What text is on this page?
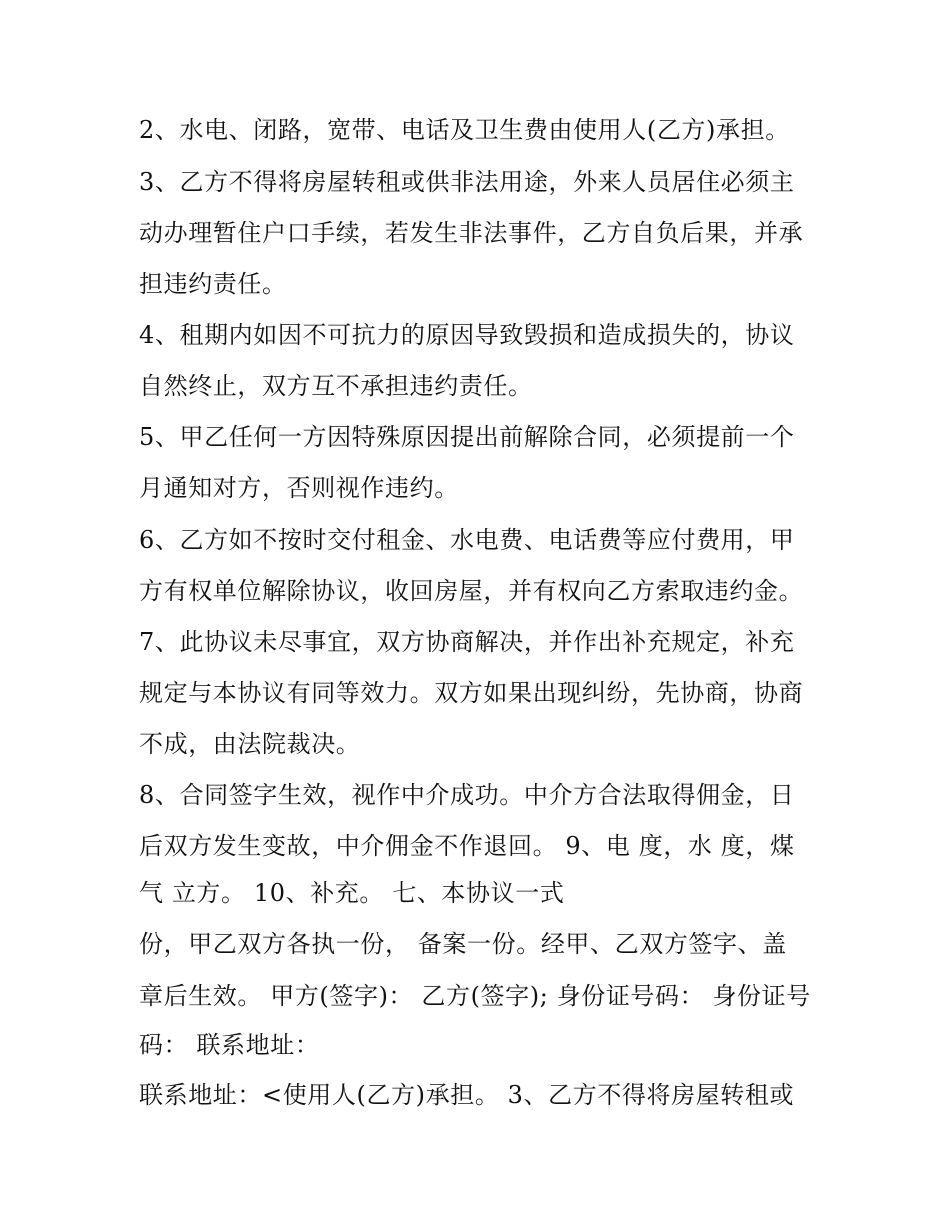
2、水电、闭路，宽带、电话及卫生费由使用人(乙方)承担。
3、乙方不得将房屋转租或供非法用途，外来人员居住必须主
动办理暂住户口手续，若发生非法事件，乙方自负后果，并承
担违约责任。
4、租期内如因不可抗力的原因导致毁损和造成损失的，协议
自然终止，双方互不承担违约责任。
5、甲乙任何一方因特殊原因提出前解除合同，必须提前一个
月通知对方，否则视作违约。
6、乙方如不按时交付租金、水电费、电话费等应付费用，甲
方有权单位解除协议，收回房屋，并有权向乙方索取违约金。
7、此协议未尽事宜，双方协商解决，并作出补充规定，补充
规定与本协议有同等效力。双方如果出现纠纷，先协商，协商
不成，由法院裁决。
8、合同签字生效，视作中介成功。中介方合法取得佣金，日
后双方发生变故，中介佣金不作退回。 9、电 度，水 度，煤
气 立方。 10、补充。 七、本协议一式
份，甲乙双方各执一份， 备案一份。经甲、乙双方签字、盖
章后生效。 甲方(签字)： 乙方(签字); 身份证号码： 身份证号
码： 联系地址：
联系地址：<使用人(乙方)承担。 3、乙方不得将房屋转租或
